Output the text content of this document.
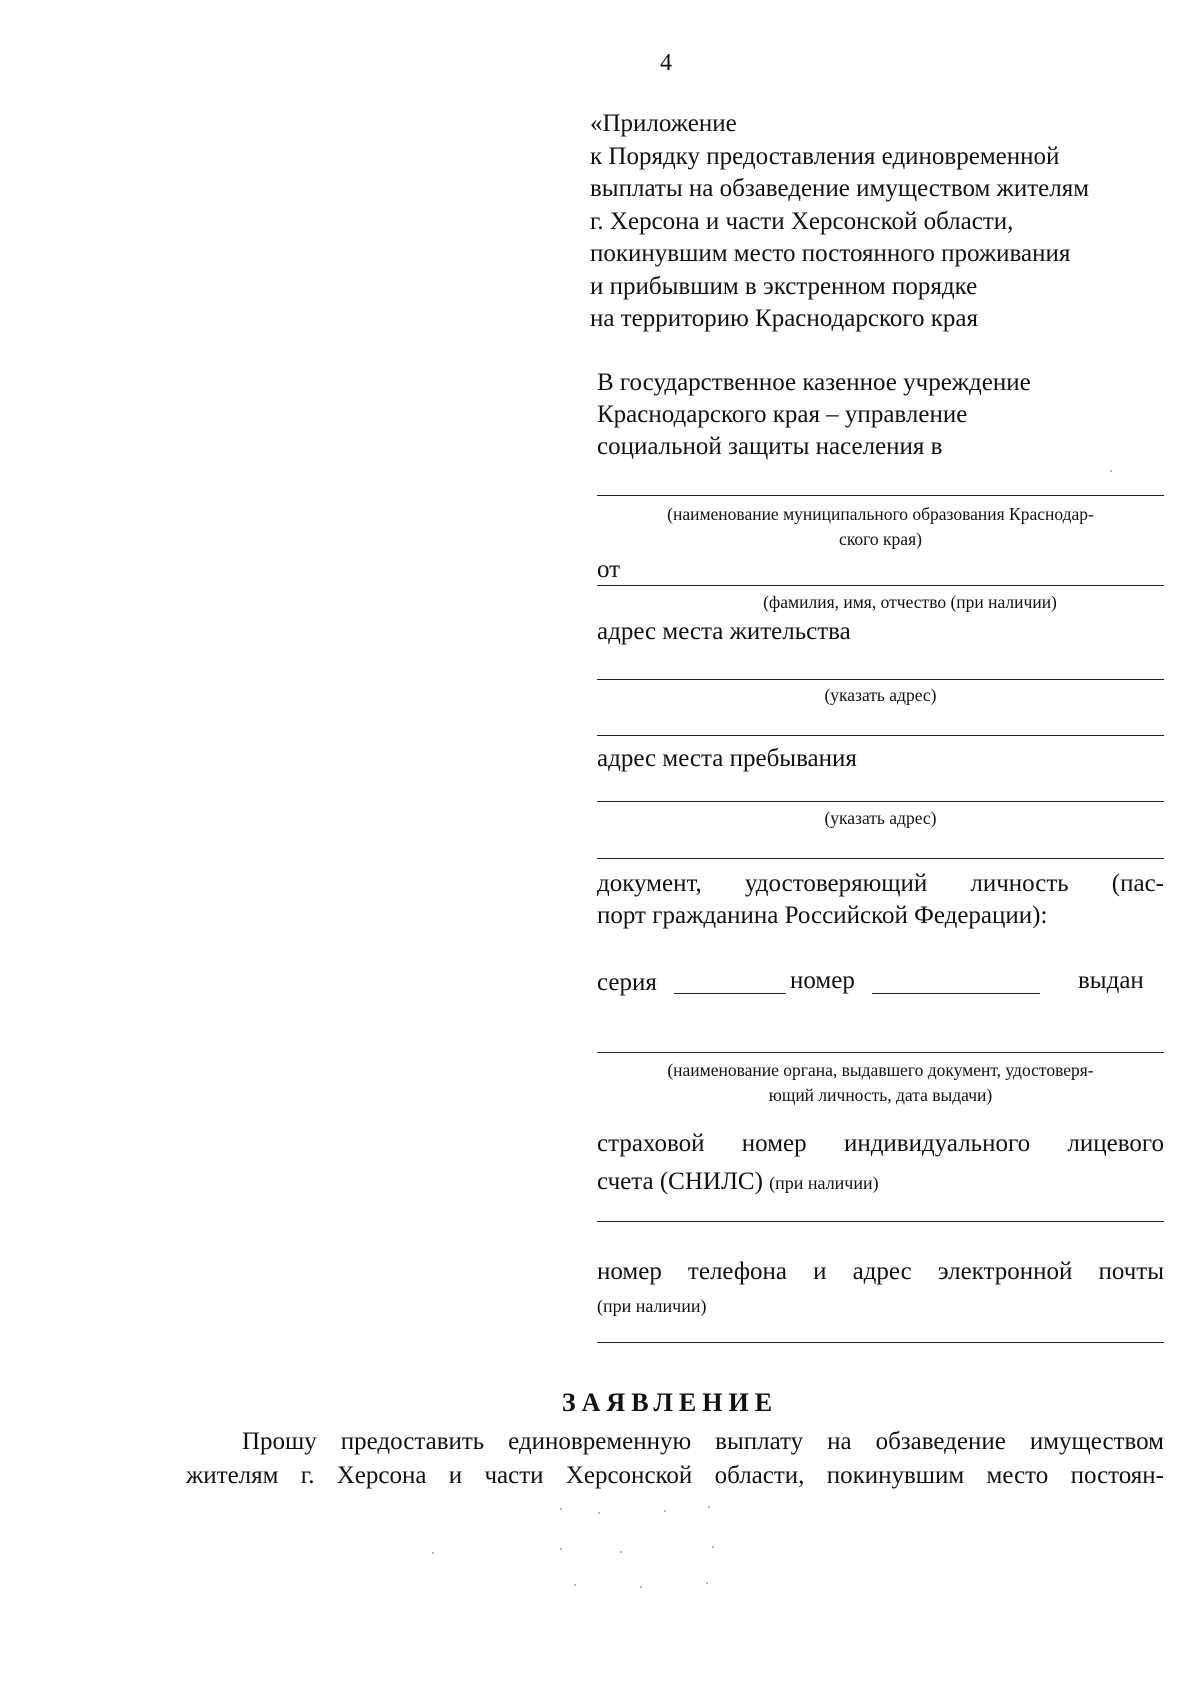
4
«Приложение
к Порядку предоставления единовременной
выплаты на обзаведение имуществом жителям
г. Херсона и части Херсонской области,
покинувшим место постоянного проживания
и прибывшим в экстренном порядке
на территорию Краснодарского края
В государственное казенное учреждение
Краснодарского края – управление
социальной защиты населения в
(наименование муниципального образования Краснодар-
ского края)
от
(фамилия, имя, отчество (при наличии)
адрес места жительства
(указать адрес)
адрес места пребывания
(указать адрес)
документ, удостоверяющий личность (пас-
порт гражданина Российской Федерации):
серия	номер	выдан
(наименование органа, выдавшего документ, удостоверя-
ющий личность, дата выдачи)
страховой номер индивидуального лицевого
счета (СНИЛС) (при наличии)
номер телефона и адрес электронной почты
(при наличии)
ЗАЯВЛЕНИЕ
Прошу предоставить единовременную выплату на обзаведение имуществом
жителям г. Херсона и части Херсонской области, покинувшим место постоян-
